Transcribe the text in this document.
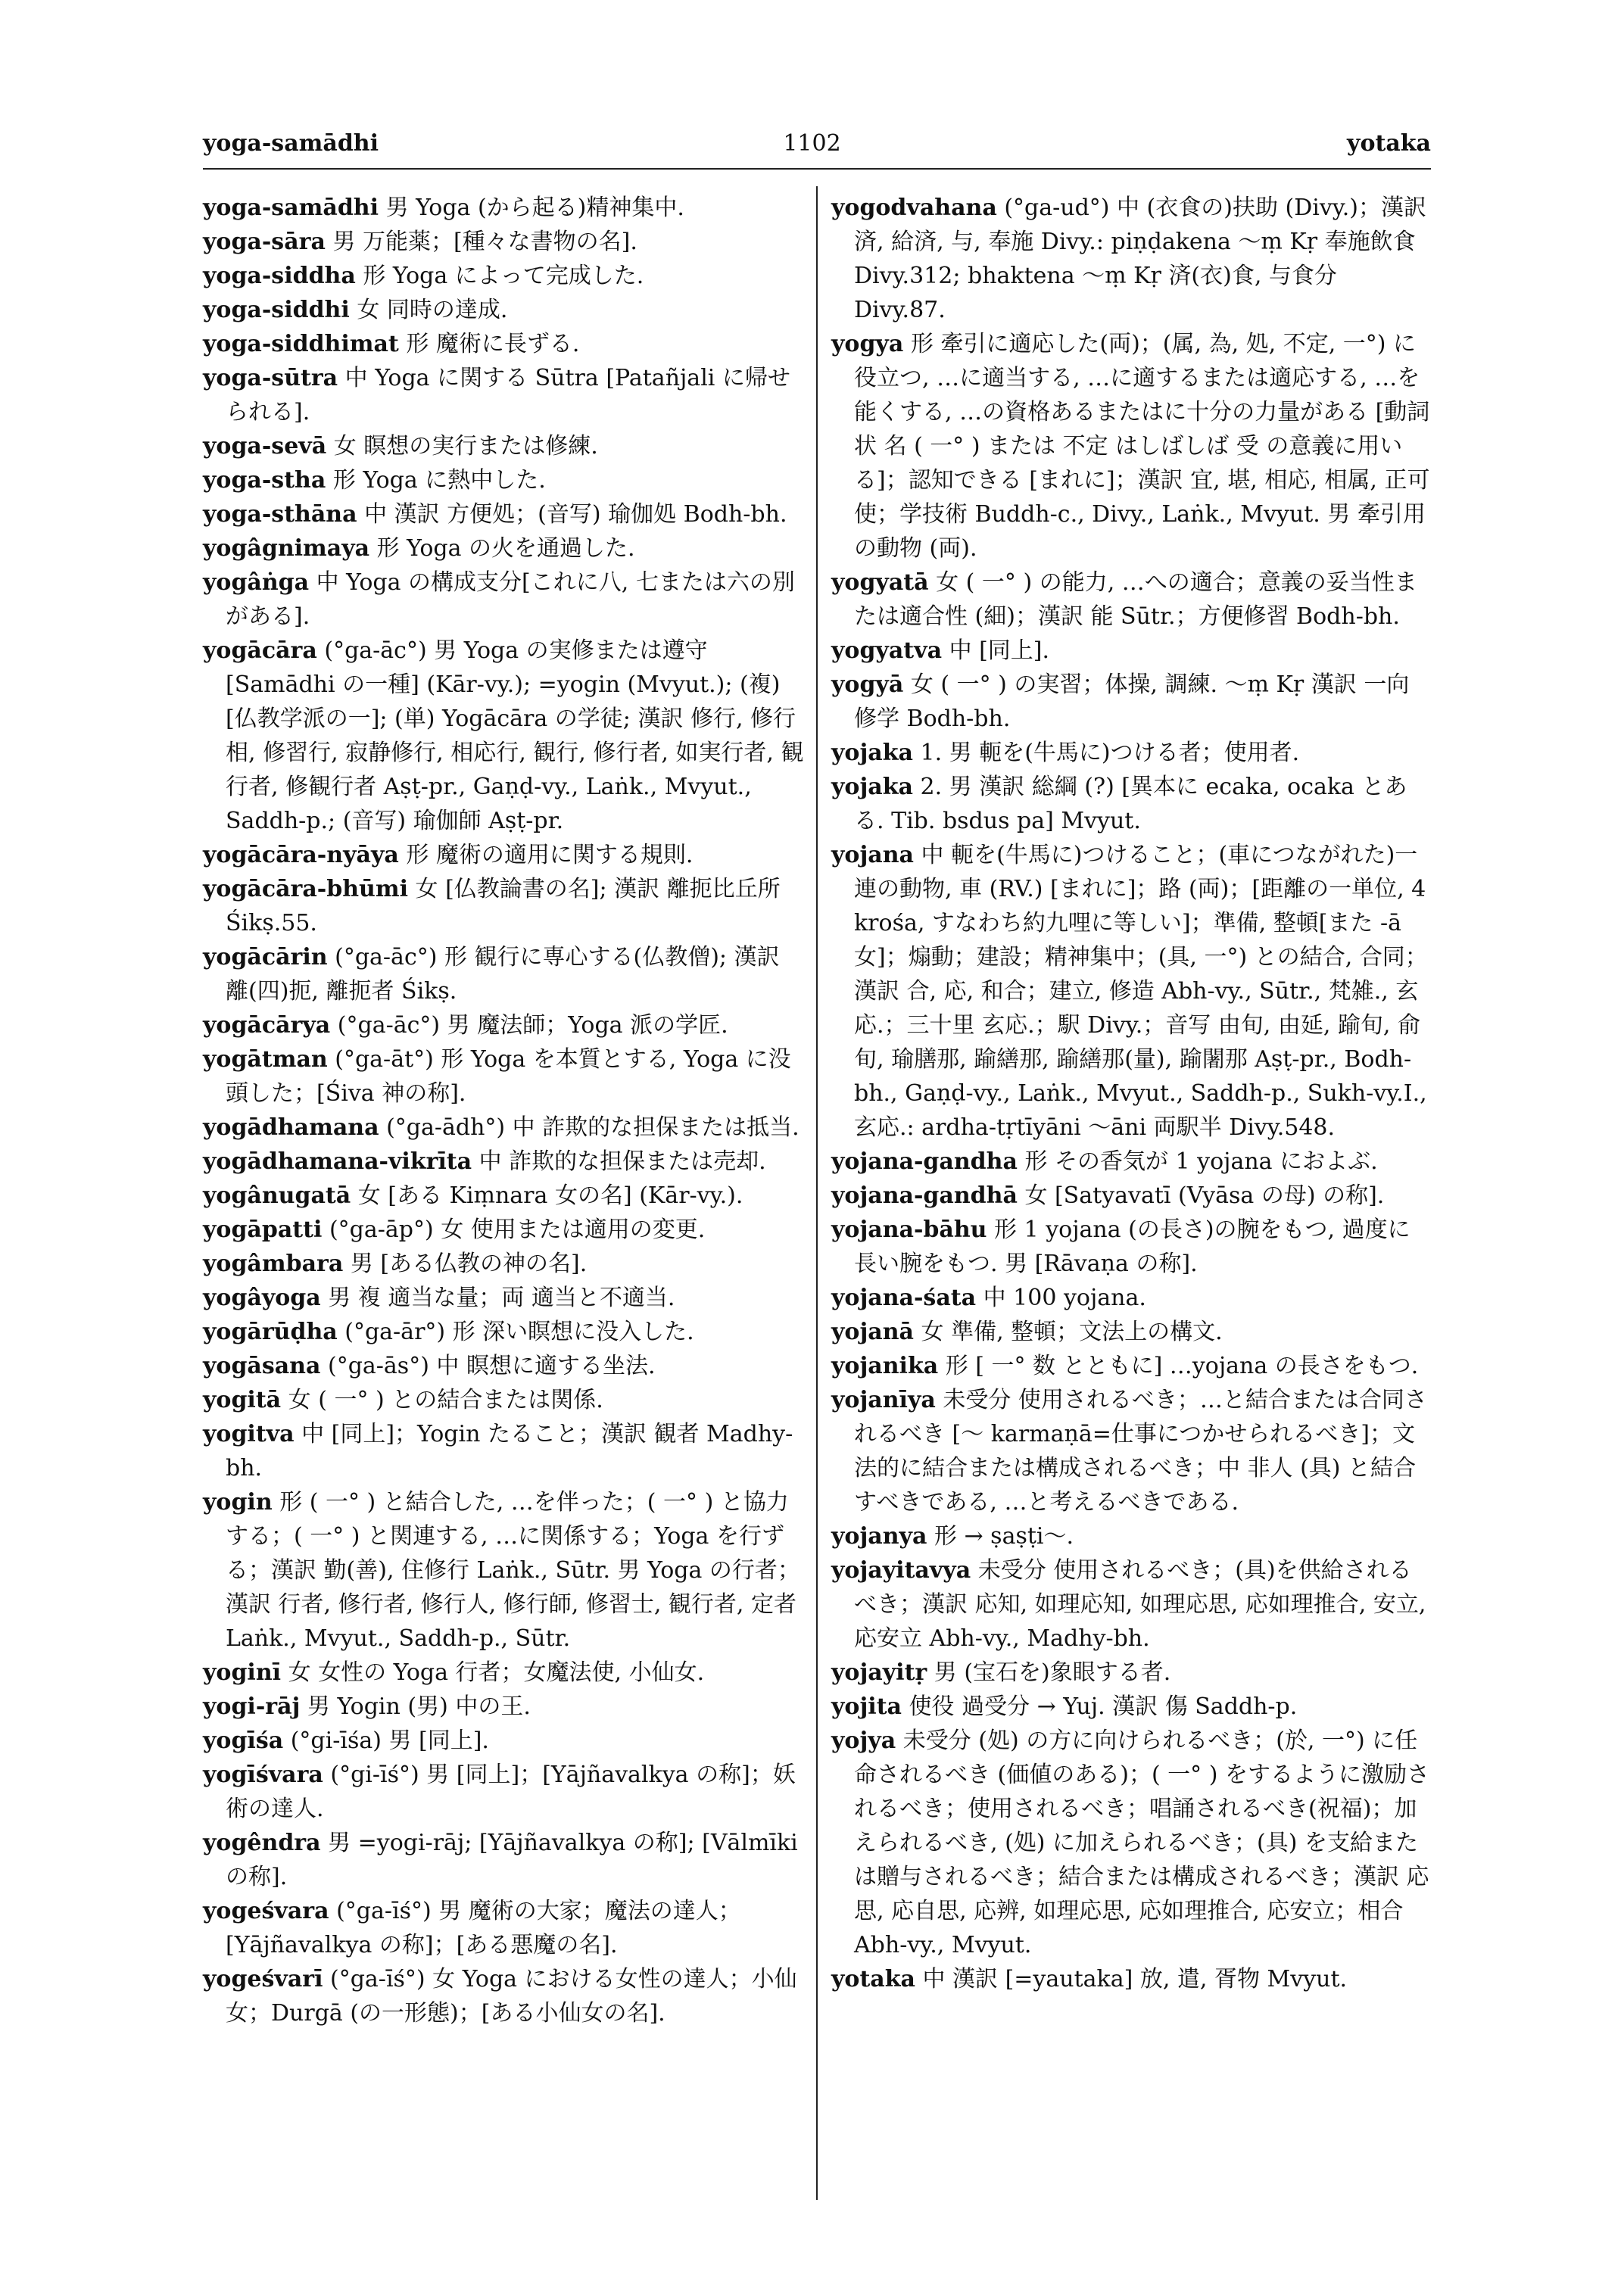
yoga-samādhi	1102	yotaka

yoga-samādhi 男 Yoga (から起る)精神集中.

yoga-sāra 男 万能薬；[種々な書物の名].

yoga-siddha 形 Yoga によって完成した.

yoga-siddhi 女 同時の達成.

yoga-siddhimat 形 魔術に長ずる.

yoga-sūtra 中 Yoga に関する Sūtra [Patañjali に帰せられる].

yoga-sevā 女 瞑想の実行または修練.

yoga-stha 形 Yoga に熱中した.

yoga-sthāna 中 漢訳 方便処；(音写) 瑜伽処 Bodh-bh.

yogâgnimaya 形 Yoga の火を通過した.

yogâṅga 中 Yoga の構成支分[これに八, 七または六の別がある].

yogācāra (°ga-āc°) 男 Yoga の実修または遵守 [Samādhi の一種] (Kār-vy.); =yogin (Mvyut.); (複) [仏教学派の一]; (単) Yogācāra の学徒; 漢訳 修行, 修行相, 修習行, 寂静修行, 相応行, 観行, 修行者, 如実行者, 観行者, 修観行者 Aṣṭ-pr., Gaṇḍ-vy., Laṅk., Mvyut., Saddh-p.; (音写) 瑜伽師 Aṣṭ-pr.

yogācāra-nyāya 形 魔術の適用に関する規則.

yogācāra-bhūmi 女 [仏教論書の名]; 漢訳 離扼比丘所 Śikṣ.55.

yogācārin (°ga-āc°) 形 観行に専心する(仏教僧); 漢訳 離(四)扼, 離扼者 Śikṣ.

yogācārya (°ga-āc°) 男 魔法師；Yoga 派の学匠.

yogātman (°ga-āt°) 形 Yoga を本質とする, Yoga に没頭した；[Śiva 神の称].

yogādhamana (°ga-ādh°) 中 詐欺的な担保または抵当.

yogādhamana-vikrīta 中 詐欺的な担保または売却.

yogânugatā 女 [ある Kiṃnara 女の名] (Kār-vy.).

yogāpatti (°ga-āp°) 女 使用または適用の変更.

yogâmbara 男 [ある仏教の神の名].

yogâyoga 男 複 適当な量；両 適当と不適当.

yogārūḍha (°ga-ār°) 形 深い瞑想に没入した.

yogāsana (°ga-ās°) 中 瞑想に適する坐法.

yogitā 女 ( 一° ) との結合または関係.

yogitva 中 [同上]；Yogin たること；漢訳 観者 Madhy-bh.

yogin 形 ( 一° ) と結合した, …を伴った；( 一° ) と協力する；( 一° ) と関連する, …に関係する；Yoga を行ずる；漢訳 勤(善), 住修行 Laṅk., Sūtr. 男 Yoga の行者；漢訳 行者, 修行者, 修行人, 修行師, 修習士, 観行者, 定者 Laṅk., Mvyut., Saddh-p., Sūtr.

yoginī 女 女性の Yoga 行者；女魔法使, 小仙女.

yogi-rāj 男 Yogin (男) 中の王.

yogīśa (°gi-īśa) 男 [同上].

yogīśvara (°gi-īś°) 男 [同上]；[Yājñavalkya の称]；妖術の達人.

yogêndra 男 =yogi-rāj; [Yājñavalkya の称]; [Vālmīki の称].

yogeśvara (°ga-īś°) 男 魔術の大家；魔法の達人；[Yājñavalkya の称]；[ある悪魔の名].

yogeśvarī (°ga-īś°) 女 Yoga における女性の達人；小仙女；Durgā (の一形態)；[ある小仙女の名].

yogodvahana (°ga-ud°) 中 (衣食の)扶助 (Divy.)；漢訳 済, 給済, 与, 奉施 Divy.: piṇḍakena ～ṃ Kṛ 奉施飲食 Divy.312; bhaktena ～ṃ Kṛ 済(衣)食, 与食分 Divy.87.

yogya 形 牽引に適応した(両)；(属, 為, 処, 不定, 一°) に役立つ, …に適当する, …に適するまたは適応する, …を能くする, …の資格あるまたはに十分の力量がある [動詞状 名 ( 一° ) または 不定 はしばしば 受 の意義に用いる]；認知できる [まれに]；漢訳 宜, 堪, 相応, 相属, 正可使；学技術 Buddh-c., Divy., Laṅk., Mvyut. 男 牽引用の動物 (両).

yogyatā 女 ( 一° ) の能力, …への適合；意義の妥当性または適合性 (細)；漢訳 能 Sūtr.；方便修習 Bodh-bh.

yogyatva 中 [同上].

yogyā 女 ( 一° ) の実習；体操, 調練. ～ṃ Kṛ 漢訳 一向修学 Bodh-bh.

yojaka 1. 男 軛を(牛馬に)つける者；使用者.

yojaka 2. 男 漢訳 総綱 (?) [異本に ecaka, ocaka とある. Tib. bsdus pa] Mvyut.

yojana 中 軛を(牛馬に)つけること；(車につながれた)一連の動物, 車 (RV.) [まれに]；路 (両)；[距離の一単位, 4 krośa, すなわち約九哩に等しい]；準備, 整頓[また -ā 女]；煽動；建設；精神集中；(具, 一°) との結合, 合同；漢訳 合, 応, 和合；建立, 修造 Abh-vy., Sūtr., 梵雑., 玄応.；三十里 玄応.；駅 Divy.；音写 由旬, 由延, 踰旬, 俞旬, 瑜膳那, 踰繕那, 踰繕那(量), 踰闍那 Aṣṭ-pr., Bodh-bh., Gaṇḍ-vy., Laṅk., Mvyut., Saddh-p., Sukh-vy.I., 玄応.: ardha-tṛtīyāni ～āni 両駅半 Divy.548.

yojana-gandha 形 その香気が 1 yojana におよぶ.

yojana-gandhā 女 [Satyavatī (Vyāsa の母) の称].

yojana-bāhu 形 1 yojana (の長さ)の腕をもつ, 過度に長い腕をもつ. 男 [Rāvaṇa の称].

yojana-śata 中 100 yojana.

yojanā 女 準備, 整頓；文法上の構文.

yojanika 形 [ 一° 数 とともに] …yojana の長さをもつ.

yojanīya 未受分 使用されるべき；…と結合または合同されるべき [～ karmaṇā=仕事につかせられるべき]；文法的に結合または構成されるべき；中 非人 (具) と結合すべきである, …と考えるべきである.

yojanya 形 → ṣaṣṭi～.

yojayitavya 未受分 使用されるべき；(具)を供給されるべき；漢訳 応知, 如理応知, 如理応思, 応如理推合, 安立, 応安立 Abh-vy., Madhy-bh.

yojayitṛ 男 (宝石を)象眼する者.

yojita 使役 過受分 → Yuj. 漢訳 傷 Saddh-p.

yojya 未受分 (処) の方に向けられるべき；(於, 一°) に任命されるべき (価値のある)；( 一° ) をするように激励されるべき；使用されるべき；唱誦されるべき(祝福)；加えられるべき, (処) に加えられるべき；(具) を支給または贈与されるべき；結合または構成されるべき；漢訳 応思, 応自思, 応辨, 如理応思, 応如理推合, 応安立；相合 Abh-vy., Mvyut.

yotaka 中 漢訳 [=yautaka] 放, 遣, 胥物 Mvyut.
